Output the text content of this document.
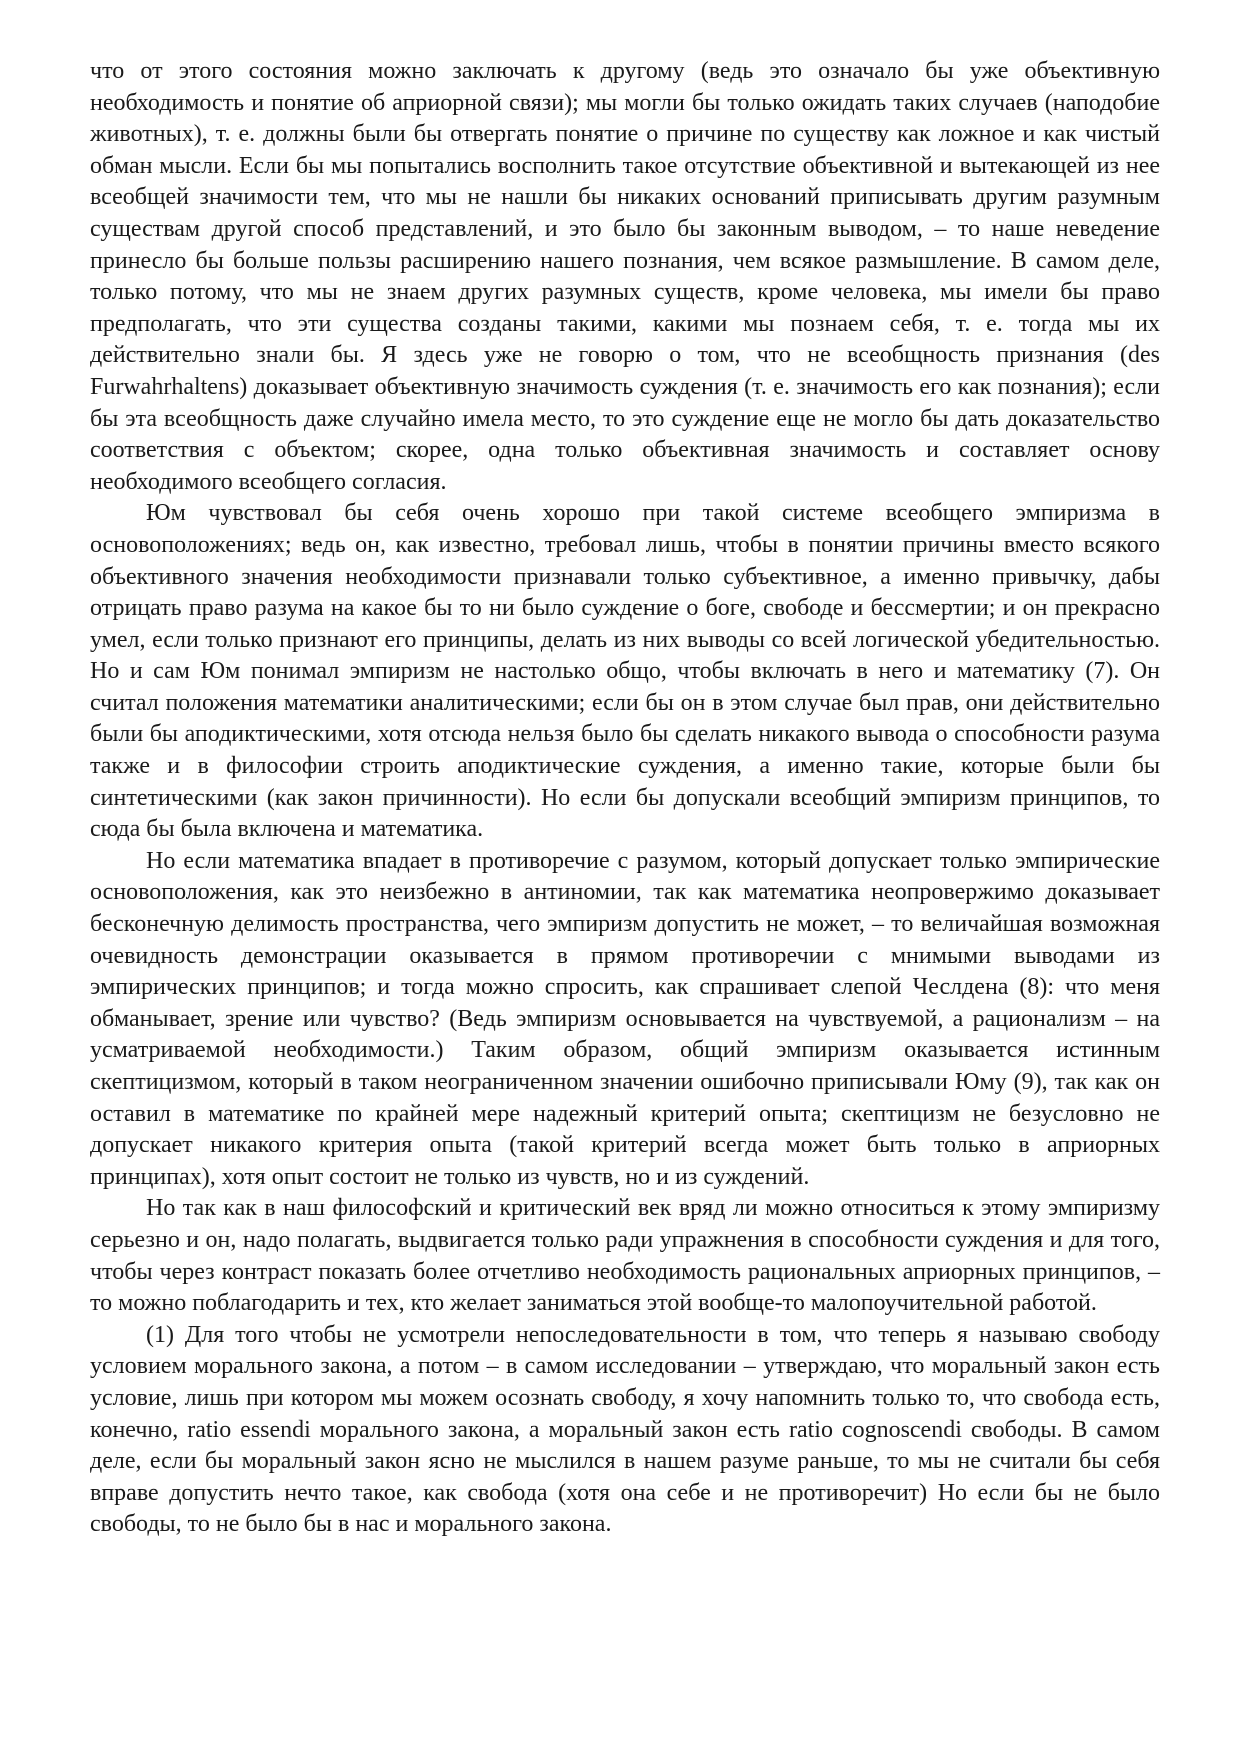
что от этого состояния можно заключать к другому (ведь это означало бы уже объективную необходимость и понятие об априорной связи); мы могли бы только ожидать таких случаев (наподобие животных), т. е. должны были бы отвергать понятие о причине по существу как ложное и как чистый обман мысли. Если бы мы попытались восполнить такое отсутствие объективной и вытекающей из нее всеобщей значимости тем, что мы не нашли бы никаких оснований приписывать другим разумным существам другой способ представлений, и это было бы законным выводом, – то наше неведение принесло бы больше пользы расширению нашего познания, чем всякое размышление. В самом деле, только потому, что мы не знаем других разумных существ, кроме человека, мы имели бы право предполагать, что эти существа созданы такими, какими мы познаем себя, т. е. тогда мы их действительно знали бы. Я здесь уже не говорю о том, что не всеобщность признания (des Furwahrhaltens) доказывает объективную значимость суждения (т. е. значимость его как познания); если бы эта всеобщность даже случайно имела место, то это суждение еще не могло бы дать доказательство соответствия с объектом; скорее, одна только объективная значимость и составляет основу необходимого всеобщего согласия.

Юм чувствовал бы себя очень хорошо при такой системе всеобщего эмпиризма в основоположениях; ведь он, как известно, требовал лишь, чтобы в понятии причины вместо всякого объективного значения необходимости признавали только субъективное, а именно привычку, дабы отрицать право разума на какое бы то ни было суждение о боге, свободе и бессмертии; и он прекрасно умел, если только признают его принципы, делать из них выводы со всей логической убедительностью. Но и сам Юм понимал эмпиризм не настолько общо, чтобы включать в него и математику (7). Он считал положения математики аналитическими; если бы он в этом случае был прав, они действительно были бы аподиктическими, хотя отсюда нельзя было бы сделать никакого вывода о способности разума также и в философии строить аподиктические суждения, а именно такие, которые были бы синтетическими (как закон причинности). Но если бы допускали всеобщий эмпиризм принципов, то сюда бы была включена и математика.

Но если математика впадает в противоречие с разумом, который допускает только эмпирические основоположения, как это неизбежно в антиномии, так как математика неопровержимо доказывает бесконечную делимость пространства, чего эмпиризм допустить не может, – то величайшая возможная очевидность демонстрации оказывается в прямом противоречии с мнимыми выводами из эмпирических принципов; и тогда можно спросить, как спрашивает слепой Чеслдена (8): что меня обманывает, зрение или чувство? (Ведь эмпиризм основывается на чувствуемой, а рационализм – на усматриваемой необходимости.) Таким образом, общий эмпиризм оказывается истинным скептицизмом, который в таком неограниченном значении ошибочно приписывали Юму (9), так как он оставил в математике по крайней мере надежный критерий опыта; скептицизм не безусловно не допускает никакого критерия опыта (такой критерий всегда может быть только в априорных принципах), хотя опыт состоит не только из чувств, но и из суждений.

Но так как в наш философский и критический век вряд ли можно относиться к этому эмпиризму серьезно и он, надо полагать, выдвигается только ради упражнения в способности суждения и для того, чтобы через контраст показать более отчетливо необходимость рациональных априорных принципов, – то можно поблагодарить и тех, кто желает заниматься этой вообще-то малопоучительной работой.

(1) Для того чтобы не усмотрели непоследовательности в том, что теперь я называю свободу условием морального закона, а потом – в самом исследовании – утверждаю, что моральный закон есть условие, лишь при котором мы можем осознать свободу, я хочу напомнить только то, что свобода есть, конечно, ratio essendi морального закона, а моральный закон есть ratio cognoscendi свободы. В самом деле, если бы моральный закон ясно не мыслился в нашем разуме раньше, то мы не считали бы себя вправе допустить нечто такое, как свобода (хотя она себе и не противоречит) Но если бы не было свободы, то не было бы в нас и морального закона.
